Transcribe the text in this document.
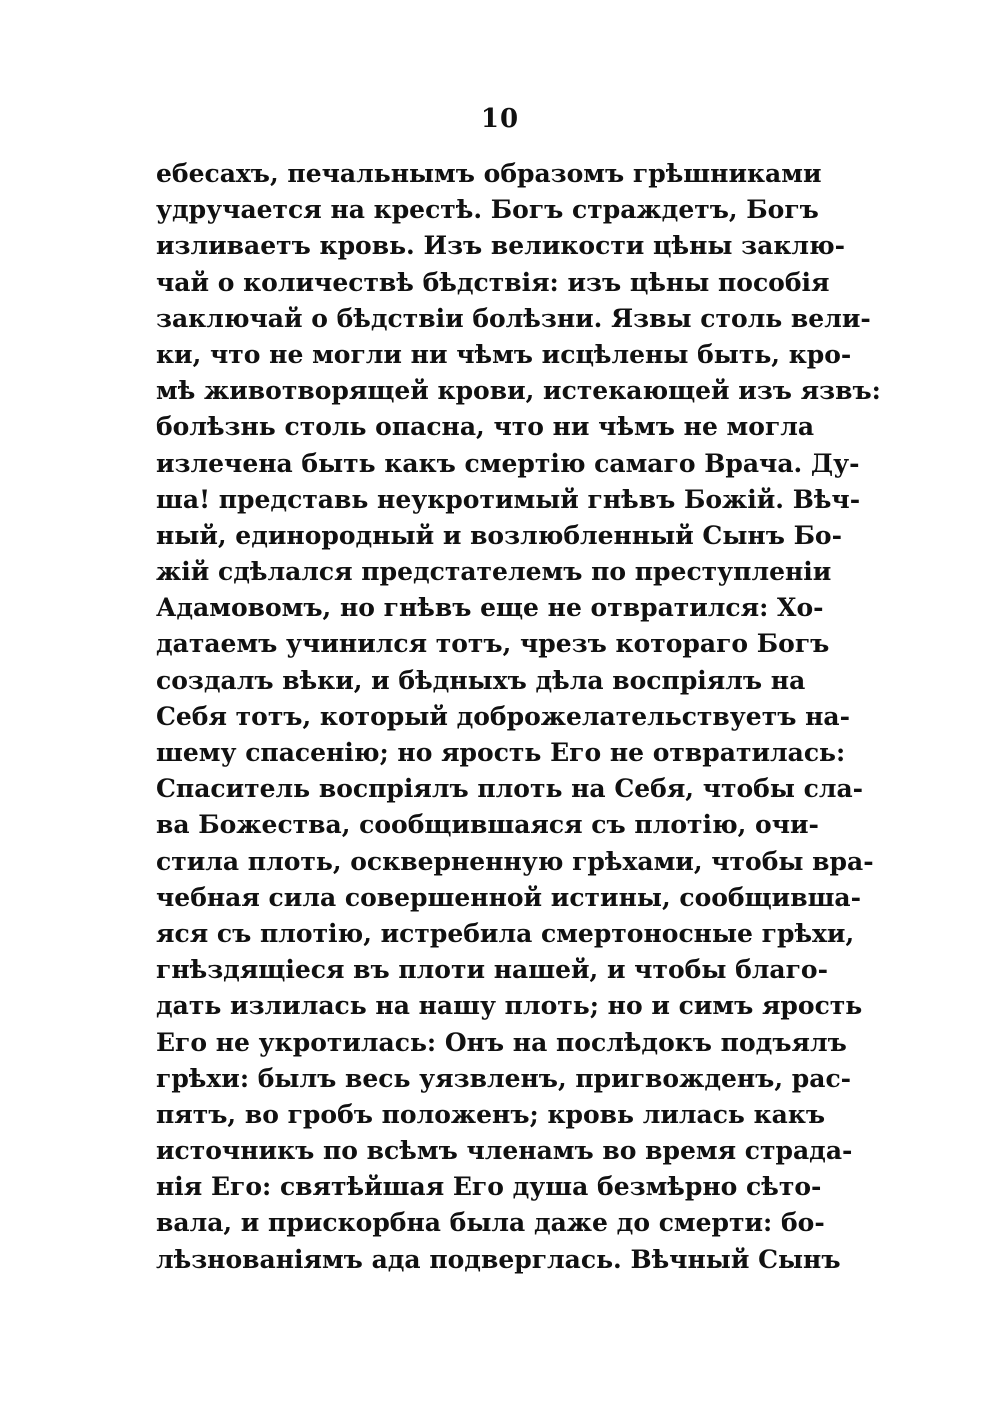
10
ебесахъ, печальнымъ образомъ грѣшниками
удручается на крестѣ. Богъ страждетъ, Богъ
изливаетъ кровь. Изъ великости цѣны заклю-
чай о количествѣ бѣдствія: изъ цѣны пособія
заключай о бѣдствіи болѣзни. Язвы столь вели-
ки, что не могли ни чѣмъ исцѣлены быть, кро-
мѣ животворящей крови, истекающей изъ язвъ:
болѣзнь столь опасна, что ни чѣмъ не могла
излечена быть какъ смертію самаго Врача. Ду-
ша! представь неукротимый гнѣвъ Божій. Вѣч-
ный, единородный и возлюбленный Сынъ Бо-
жій сдѣлался предстателемъ по преступленіи
Адамовомъ, но гнѣвъ еще не отвратился: Хо-
датаемъ учинился тотъ, чрезъ котораго Богъ
создалъ вѣки, и бѣдныхъ дѣла воспріялъ на
Себя тотъ, который доброжелательствуетъ на-
шему спасенію; но ярость Его не отвратилась:
Спаситель воспріялъ плоть на Себя, чтобы сла-
ва Божества, сообщившаяся съ плотію, очи-
стила плоть, оскверненную грѣхами, чтобы вра-
чебная сила совершенной истины, сообщивша-
яся съ плотію, истребила смертоносные грѣхи,
гнѣздящіеся въ плоти нашей, и чтобы благо-
дать излилась на нашу плоть; но и симъ ярость
Его не укротилась: Онъ на послѣдокъ подъялъ
грѣхи: былъ весь уязвленъ, пригвожденъ, рас-
пятъ, во гробъ положенъ; кровь лилась какъ
источникъ по всѣмъ членамъ во время страда-
нія Его: святѣйшая Его душа безмѣрно сѣто-
вала, и прискорбна была даже до смерти: бо-
лѣзнованіямъ ада подверглась. Вѣчный Сынъ
